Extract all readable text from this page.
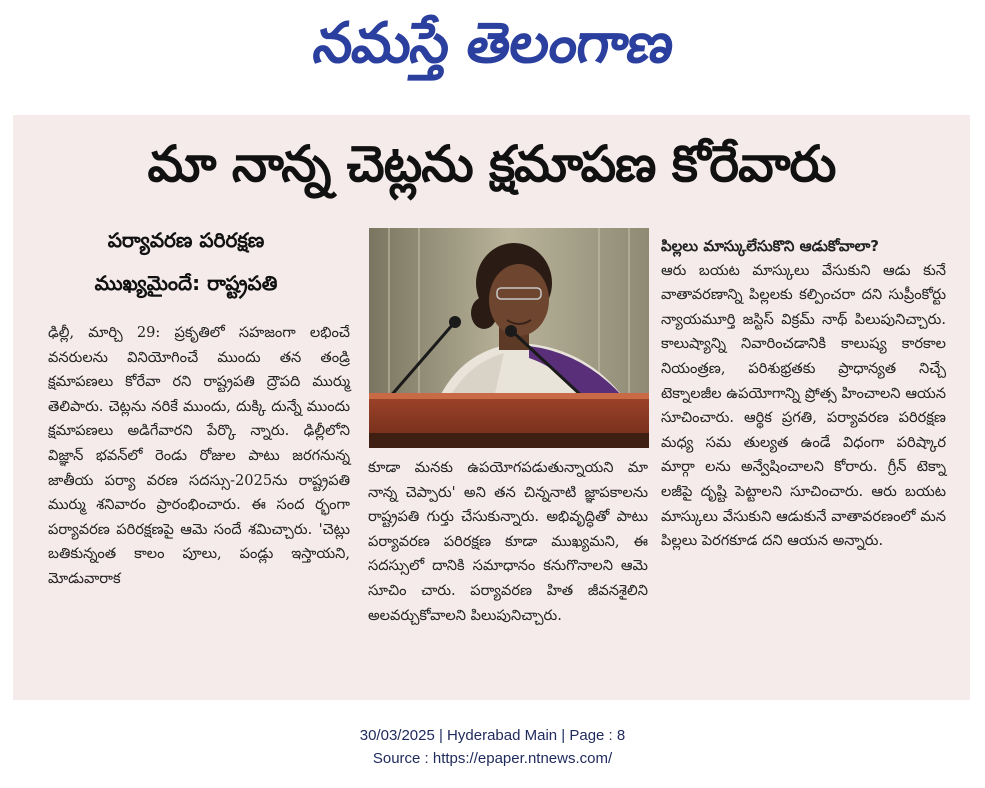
నమస్తే తెలంగాణ
మా నాన్న చెట్లను క్షమాపణ కోరేవారు
పర్యావరణ పరిరక్షణ
ముఖ్యమైందే: రాష్ట్రపతి

ఢిల్లీ, మార్చి 29: ప్రకృతిలో సహజంగా లభించే వనరులను వినియోగించే ముందు తన తండ్రి క్షమాపణలు కోరేవా రని రాష్ట్రపతి ద్రౌపది ముర్ము తెలిపారు. చెట్లను నరికే ముందు, దుక్కి దున్నే ముందు క్షమాపణలు అడిగేవారని పేర్కొ న్నారు. ఢిల్లీలోని విజ్ఞాన్ భవన్‌లో రెండు రోజుల పాటు జరగనున్న జాతీయ పర్యా వరణ సదస్సు-2025ను రాష్ట్రపతి ముర్ము శనివారం ప్రారంభించారు. ఈ సంద ర్భంగా పర్యావరణ పరిరక్షణపై ఆమె సందే శమిచ్చారు. 'చెట్లు బతికున్నంత కాలం పూలు, పండ్లు ఇస్తాయని, మోడువారాక

కూడా మనకు ఉపయోగపడుతున్నాయని మా నాన్న చెప్పారు' అని తన చిన్ననాటి జ్ఞాపకాలను రాష్ట్రపతి గుర్తు చేసుకున్నారు. అభివృద్ధితో పాటు పర్యావరణ పరిరక్షణ కూడా ముఖ్యమని, ఈ సదస్సులో దానికి సమాధానం కనుగొనాలని ఆమె సూచిం చారు. పర్యావరణ హిత జీవనశైలిని అలవర్చుకోవాలని పిలుపునిచ్చారు.

పిల్లలు మాస్కులేసుకొని ఆడుకోవాలా?

ఆరు బయట మాస్కులు వేసుకుని ఆడు కునే వాతావరణాన్ని పిల్లలకు కల్పించరా దని సుప్రీంకోర్టు న్యాయమూర్తి జస్టిస్ విక్రమ్ నాథ్ పిలుపునిచ్చారు. కాలుష్యాన్ని నివారించడానికి కాలుష్య కారకాల నియంత్రణ, పరిశుభ్రతకు ప్రాధాన్యత నిచ్చే టెక్నాలజీల ఉపయోగాన్ని ప్రోత్స హించాలని ఆయన సూచించారు. ఆర్థిక ప్రగతి, పర్యావరణ పరిరక్షణ మధ్య సమ తుల్యత ఉండే విధంగా పరిష్కార మార్గా లను అన్వేషించాలని కోరారు. గ్రీన్ టెక్నా లజీపై దృష్టి పెట్టాలని సూచించారు. ఆరు బయట మాస్కులు వేసుకుని ఆడుకునే వాతావరణంలో మన పిల్లలు పెరగకూడ దని ఆయన అన్నారు.

30/03/2025 | Hyderabad Main | Page : 8
Source : https://epaper.ntnews.com/
